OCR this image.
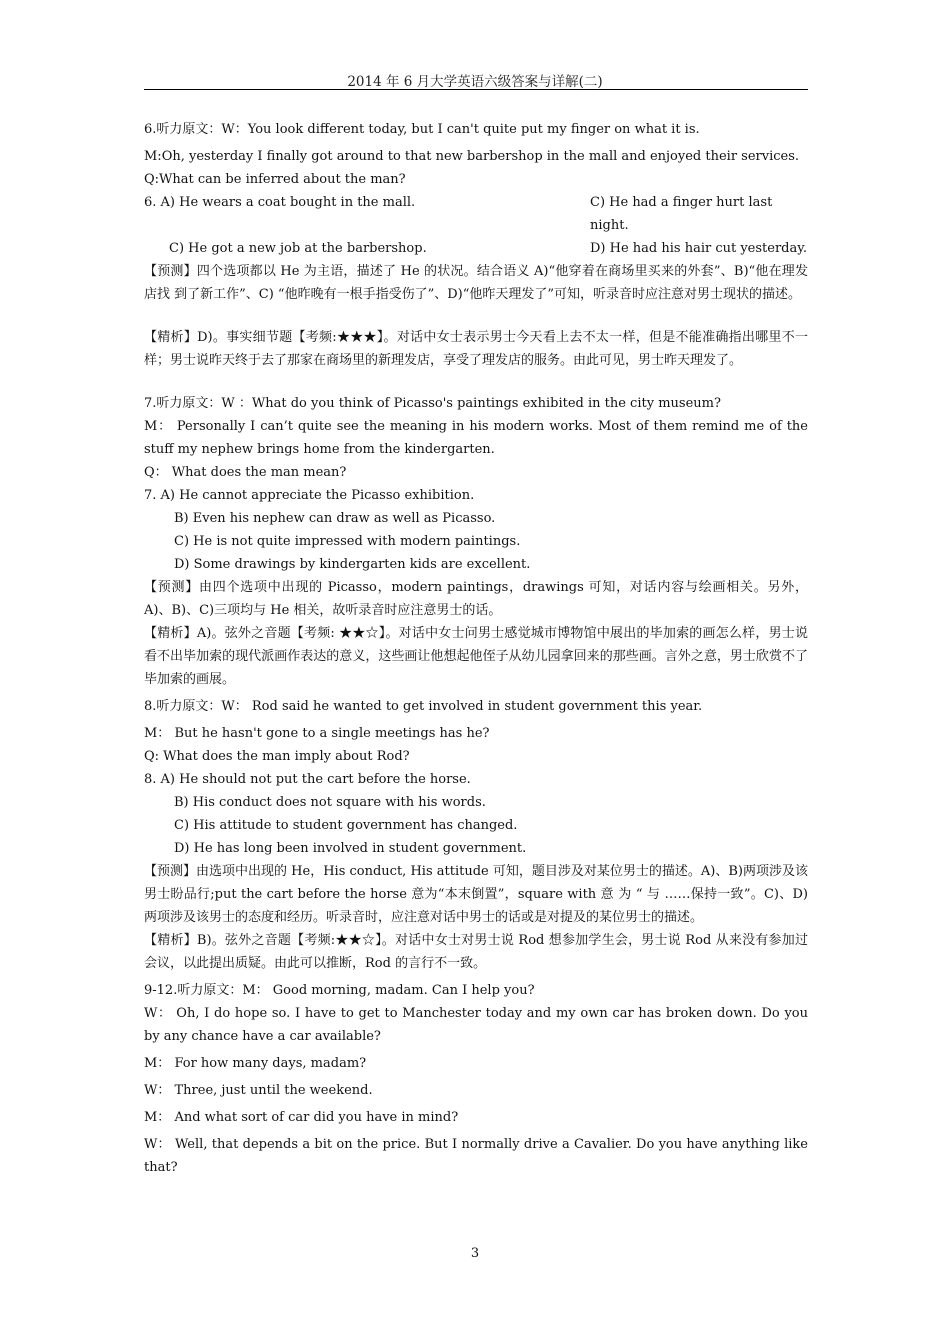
2014 年 6 月大学英语六级答案与详解(二)

6.听力原文：W：You look different today, but I can't quite put my finger on what it is.

M:Oh, yesterday I finally got around to that new barbershop in the mall and enjoyed their services.

Q:What can be inferred about the man?

6. A) He wears a coat bought in the mall.	C) He had a finger hurt last night.
C) He got a new job at the barbershop.	D) He had his hair cut yesterday.

【预测】四个选项都以 He 为主语，描述了 He 的状况。结合语义 A)“他穿着在商场里买来的外套”、B)“他在理发店找 到了新工作”、C) “他昨晚有一根手指受伤了”、D)“他昨天理发了”可知，听录音时应注意对男士现状的描述。

【精析】D)。事实细节题【考频:★★★】。对话中女士表示男士今天看上去不太一样，但是不能准确指出哪里不一 样；男士说昨天终于去了那家在商场里的新理发店，享受了理发店的服务。由此可见，男士昨天理发了。

7.听力原文：W ：What do you think of Picasso's paintings exhibited in the city museum?

M： Personally I can’t quite see the meaning in his modern works. Most of them remind me of the stuff my nephew brings home from the kindergarten.

Q： What does the man mean?

7. A) He cannot appreciate the Picasso exhibition.

B) Even his nephew can draw as well as Picasso.

C) He is not quite impressed with modern paintings.

D) Some drawings by kindergarten kids are excellent.

【预测】由四个选项中出现的 Picasso，modern paintings，drawings 可知，对话内容与绘画相关。另外，A)、B)、C)三项均与 He 相关，故听录音时应注意男士的话。

【精析】A)。弦外之音题【考频: ★★☆】。对话中女士问男士感觉城市博物馆中展出的毕加索的画怎么样，男士说看不出毕加索的现代派画作表达的意义，这些画让他想起他侄子从幼儿园拿回来的那些画。言外之意，男士欣赏不了毕加索的画展。

8.听力原文：W： Rod said he wanted to get involved in student government this year.

M： But he hasn't gone to a single meetings has he?

Q: What does the man imply about Rod?

8. A) He should not put the cart before the horse.

B) His conduct does not square with his words.

C) His attitude to student government has changed.

D) He has long been involved in student government.

【预测】由选项中出现的 He，His conduct, His attitude 可知，题目涉及对某位男士的描述。A)、B)两项涉及该男士盼品行;put the cart before the horse 意为“本末倒置”，square with 意 为 “ 与 ……保持一致”。C)、D) 两项涉及该男士的态度和经历。听录音时，应注意对话中男士的话或是对提及的某位男士的描述。

【精析】B)。弦外之音题【考频:★★☆】。对话中女士对男士说 Rod 想参加学生会，男士说 Rod 从来没有参加过会议，以此提出质疑。由此可以推断，Rod 的言行不一致。

9-12.听力原文：M： Good morning, madam. Can I help you?

W： Oh, I do hope so. I have to get to Manchester today and my own car has broken down. Do you by any chance have a car available?

M： For how many days, madam?

W： Three, just until the weekend.

M： And what sort of car did you have in mind?

W： Well, that depends a bit on the price. But I normally drive a Cavalier. Do you have anything like that?

3
